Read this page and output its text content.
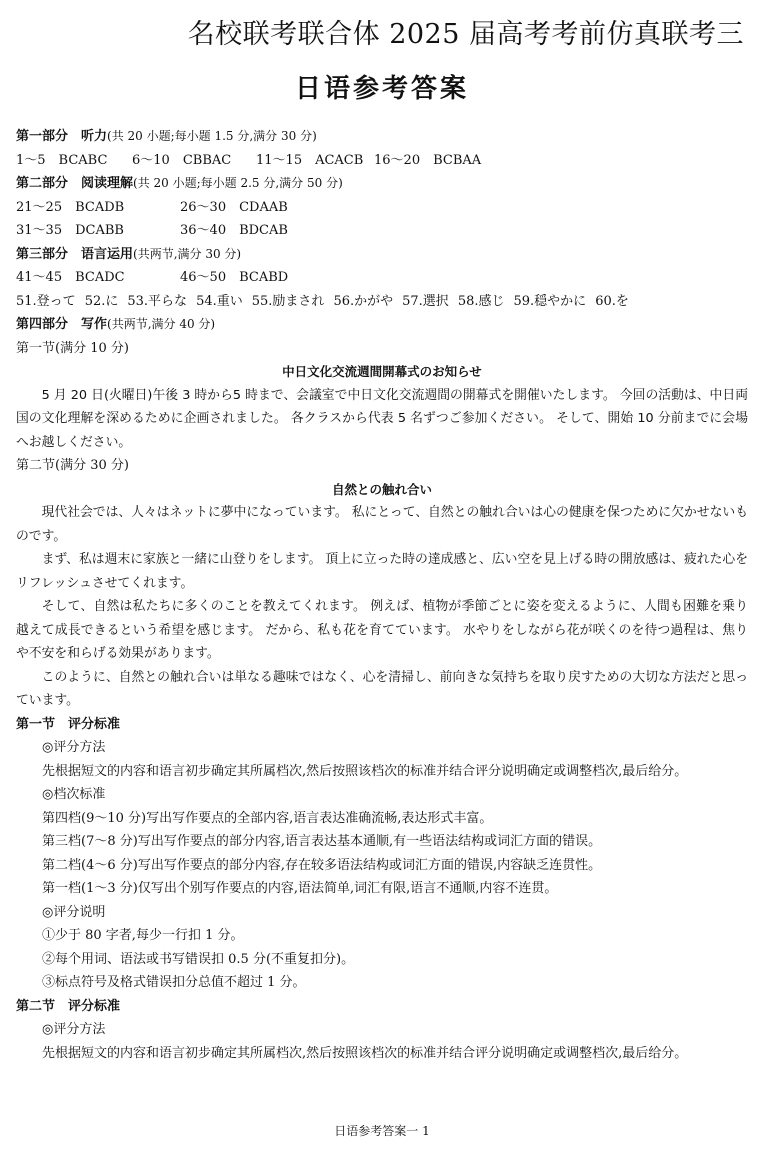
名校联考联合体 2025 届高考考前仿真联考三
日语参考答案
第一部分　听力(共 20 小题;每小题 1.5 分,满分 30 分)
1～5　BCABC 6～10　CBBAC 11～15　ACACB 16～20　BCBAA
第二部分　阅读理解(共 20 小题;每小题 2.5 分,满分 50 分)
21～25　BCADB	26～30　CDAAB
31～35　DCABB	36～40　BDCAB
第三部分　语言运用(共两节,满分 30 分)
41～45　BCADC	46～50　BCABD
51.登って 52.に 53.平らな 54.重い 55.励まされ 56.かがや 57.選択 58.感じ 59.穏やかに 60.を
第四部分　写作(共两节,满分 40 分)
第一节(满分 10 分)
中日文化交流週間開幕式のお知らせ
5 月 20 日(火曜日)午後 3 時から5 時まで、会議室で中日文化交流週間の開幕式を開催いたします。 今回の活動は、中日両国の文化理解を深めるために企画されました。 各クラスから代表 5 名ずつご参加ください。 そして、開始 10 分前までに会場へお越しください。
第二节(满分 30 分)
自然との触れ合い
現代社会では、人々はネットに夢中になっています。 私にとって、自然との触れ合いは心の健康を保つために欠かせないものです。
まず、私は週末に家族と一緒に山登りをします。 頂上に立った時の達成感と、広い空を見上げる時の開放感は、疲れた心をリフレッシュさせてくれます。
そして、自然は私たちに多くのことを教えてくれます。 例えば、植物が季節ごとに姿を変えるように、人間も困難を乗り越えて成長できるという希望を感じます。 だから、私も花を育てています。 水やりをしながら花が咲くのを待つ過程は、焦りや不安を和らげる効果があります。
このように、自然との触れ合いは単なる趣味ではなく、心を清掃し、前向きな気持ちを取り戻すための大切な方法だと思っています。
第一节　评分标准
◎评分方法
先根据短文的内容和语言初步确定其所属档次,然后按照该档次的标准并结合评分说明确定或调整档次,最后给分。
◎档次标准
第四档(9～10 分)写出写作要点的全部内容,语言表达准确流畅,表达形式丰富。
第三档(7～8 分)写出写作要点的部分内容,语言表达基本通顺,有一些语法结构或词汇方面的错误。
第二档(4～6 分)写出写作要点的部分内容,存在较多语法结构或词汇方面的错误,内容缺乏连贯性。
第一档(1～3 分)仅写出个别写作要点的内容,语法简单,词汇有限,语言不通顺,内容不连贯。
◎评分说明
①少于 80 字者,每少一行扣 1 分。
②每个用词、语法或书写错误扣 0.5 分(不重复扣分)。
③标点符号及格式错误扣分总值不超过 1 分。
第二节　评分标准
◎评分方法
先根据短文的内容和语言初步确定其所属档次,然后按照该档次的标准并结合评分说明确定或调整档次,最后给分。
日语参考答案一 1
